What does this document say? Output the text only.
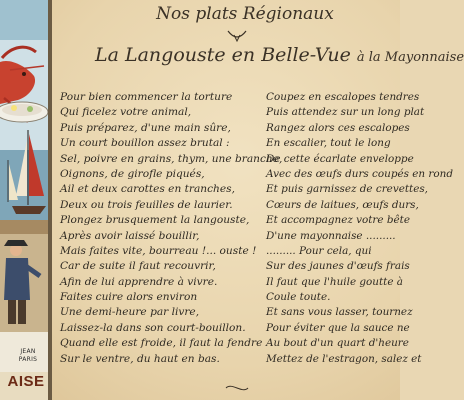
JEAN
PARIS
AISE
Nos plats Régionaux
La Langouste en Belle-Vue à la Mayonnaise
Pour bien commencer la torture
Qui ficelez votre animal,
Puis préparez, d'une main sûre,
Un court bouillon assez brutal :
Sel, poivre en grains, thym, une branche,
Oignons, de girofle piqués,
Ail et deux carottes en tranches,
Deux ou trois feuilles de laurier.
Plongez brusquement la langouste,
Après avoir laissé bouillir,
Mais faites vite, bourreau !... ouste !
Car de suite il faut recouvrir,
Afin de lui apprendre à vivre.
Faites cuire alors environ
Une demi-heure par livre,
Laissez-la dans son court-bouillon.
Quand elle est froide, il faut la fendre
Sur le ventre, du haut en bas.
Coupez en escalopes tendres
Puis attendez sur un long plat
Rangez alors ces escalopes
En escalier, tout le long
De cette écarlate enveloppe
Avec des œufs durs coupés en rond
Et puis garnissez de crevettes,
Cœurs de laitues, œufs durs,
Et accompagnez votre bête
D'une mayonnaise .........
......... Pour cela, qui
Sur des jaunes d'œufs frais
Il faut que l'huile goutte à
Coule toute.
Et sans vous lasser, tournez
Pour éviter que la sauce ne
Au bout d'un quart d'heure
Mettez de l'estragon, salez et
